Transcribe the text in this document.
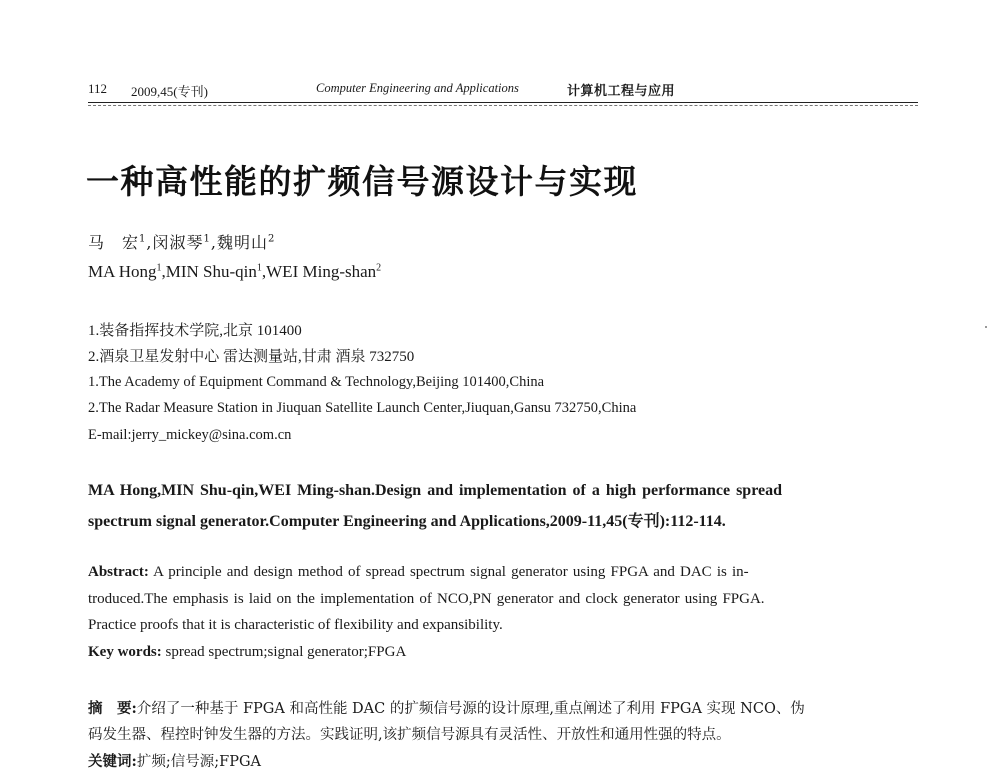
112 2009,45(专刊)	Computer Engineering and Applications	计算机工程与应用
一种高性能的扩频信号源设计与实现
马　宏$^1$,闵淑琴$^1$,魏明山$^2$
MA Hong$^1$,MIN Shu-qin$^1$,WEI Ming-shan$^2$
1.装备指挥技术学院,北京 101400
2.酒泉卫星发射中心 雷达测量站,甘肃 酒泉 732750
1.The Academy of Equipment Command & Technology,Beijing 101400,China
2.The Radar Measure Station in Jiuquan Satellite Launch Center,Jiuquan,Gansu 732750,China
E-mail:jerry_mickey@sina.com.cn
MA Hong,MIN Shu-qin,WEI Ming-shan.Design and implementation of a high performance spread
spectrum signal generator.Computer Engineering and Applications,2009-11,45(专刊):112-114.
Abstract: A principle and design method of spread spectrum signal generator using FPGA and DAC is in-
troduced.The emphasis is laid on the implementation of NCO,PN generator and clock generator using FPGA.
Practice proofs that it is characteristic of flexibility and expansibility.
Key words: spread spectrum;signal generator;FPGA
摘　要:介绍了一种基于 FPGA 和高性能 DAC 的扩频信号源的设计原理,重点阐述了利用 FPGA 实现 NCO、伪
码发生器、程控时钟发生器的方法。实践证明,该扩频信号源具有灵活性、开放性和通用性强的特点。
关键词:扩频;信号源;FPGA
